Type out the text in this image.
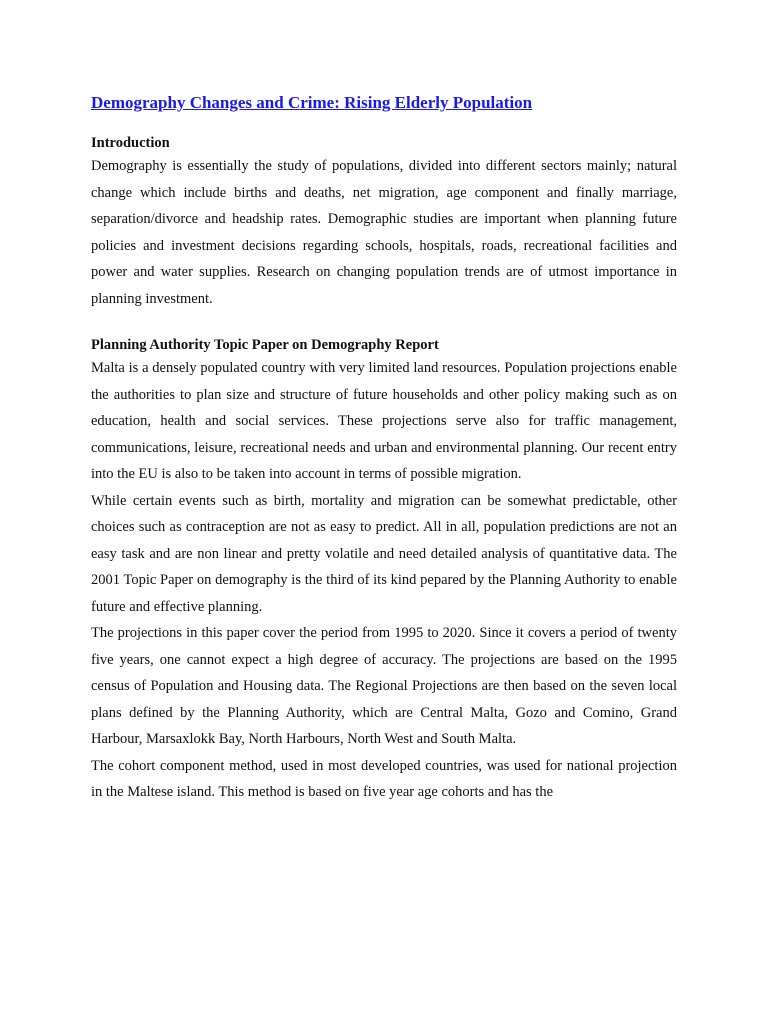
Demography Changes and Crime: Rising Elderly Population
Introduction

Demography is essentially the study of populations, divided into different sectors mainly; natural change which include births and deaths, net migration, age component and finally marriage, separation/divorce and headship rates. Demographic studies are important when planning future policies and investment decisions regarding schools, hospitals, roads, recreational facilities and power and water supplies. Research on changing population trends are of utmost importance in planning investment.

Planning Authority Topic Paper on Demography Report

Malta is a densely populated country with very limited land resources. Population projections enable the authorities to plan size and structure of future households and other policy making such as on education, health and social services. These projections serve also for traffic management, communications, leisure, recreational needs and urban and environmental planning. Our recent entry into the EU is also to be taken into account in terms of possible migration.

While certain events such as birth, mortality and migration can be somewhat predictable, other choices such as contraception are not as easy to predict. All in all, population predictions are not an easy task and are non linear and pretty volatile and need detailed analysis of quantitative data. The 2001 Topic Paper on demography is the third of its kind pepared by the Planning Authority to enable future and effective planning.

The projections in this paper cover the period from 1995 to 2020. Since it covers a period of twenty five years, one cannot expect a high degree of accuracy. The projections are based on the 1995 census of Population and Housing data. The Regional Projections are then based on the seven local plans defined by the Planning Authority, which are Central Malta, Gozo and Comino, Grand Harbour, Marsaxlokk Bay, North Harbours, North West and South Malta.

The cohort component method, used in most developed countries, was used for national projection in the Maltese island. This method is based on five year age cohorts and has the
